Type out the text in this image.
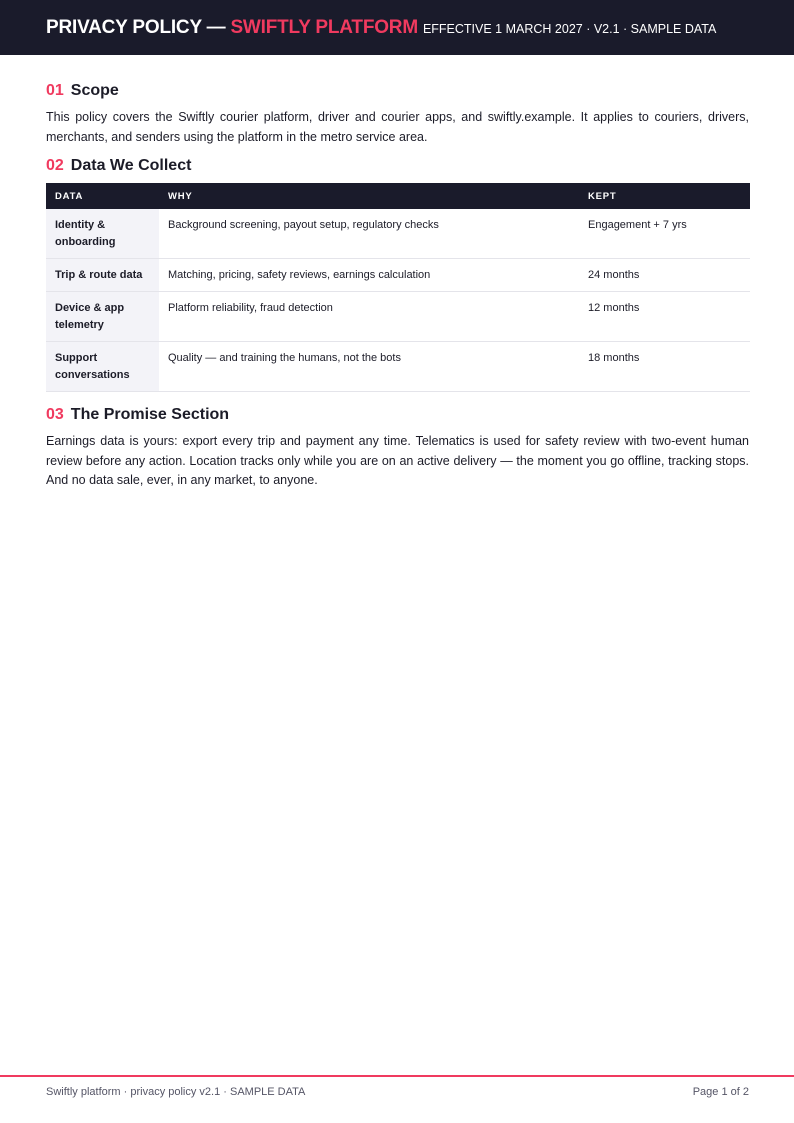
PRIVACY POLICY — SWIFTLY PLATFORM EFFECTIVE 1 MARCH 2027 · V2.1 · SAMPLE DATA
01 Scope

This policy covers the Swiftly courier platform, driver and courier apps, and swiftly.example. It applies to couriers, drivers, merchants, and senders using the platform in the metro service area.

02 Data We Collect
DATA	WHY	KEPT
Identity & onboarding	Background screening, payout setup, regulatory checks	Engagement + 7 yrs
Trip & route data	Matching, pricing, safety reviews, earnings calculation	24 months
Device & app telemetry	Platform reliability, fraud detection	12 months
Support conversations	Quality — and training the humans, not the bots	18 months
03 The Promise Section

Earnings data is yours: export every trip and payment any time. Telematics is used for safety review with two-event human review before any action. Location tracks only while you are on an active delivery — the moment you go offline, tracking stops. And no data sale, ever, in any market, to anyone.

Swiftly platform · privacy policy v2.1 · SAMPLE DATA	Page 1 of 2
